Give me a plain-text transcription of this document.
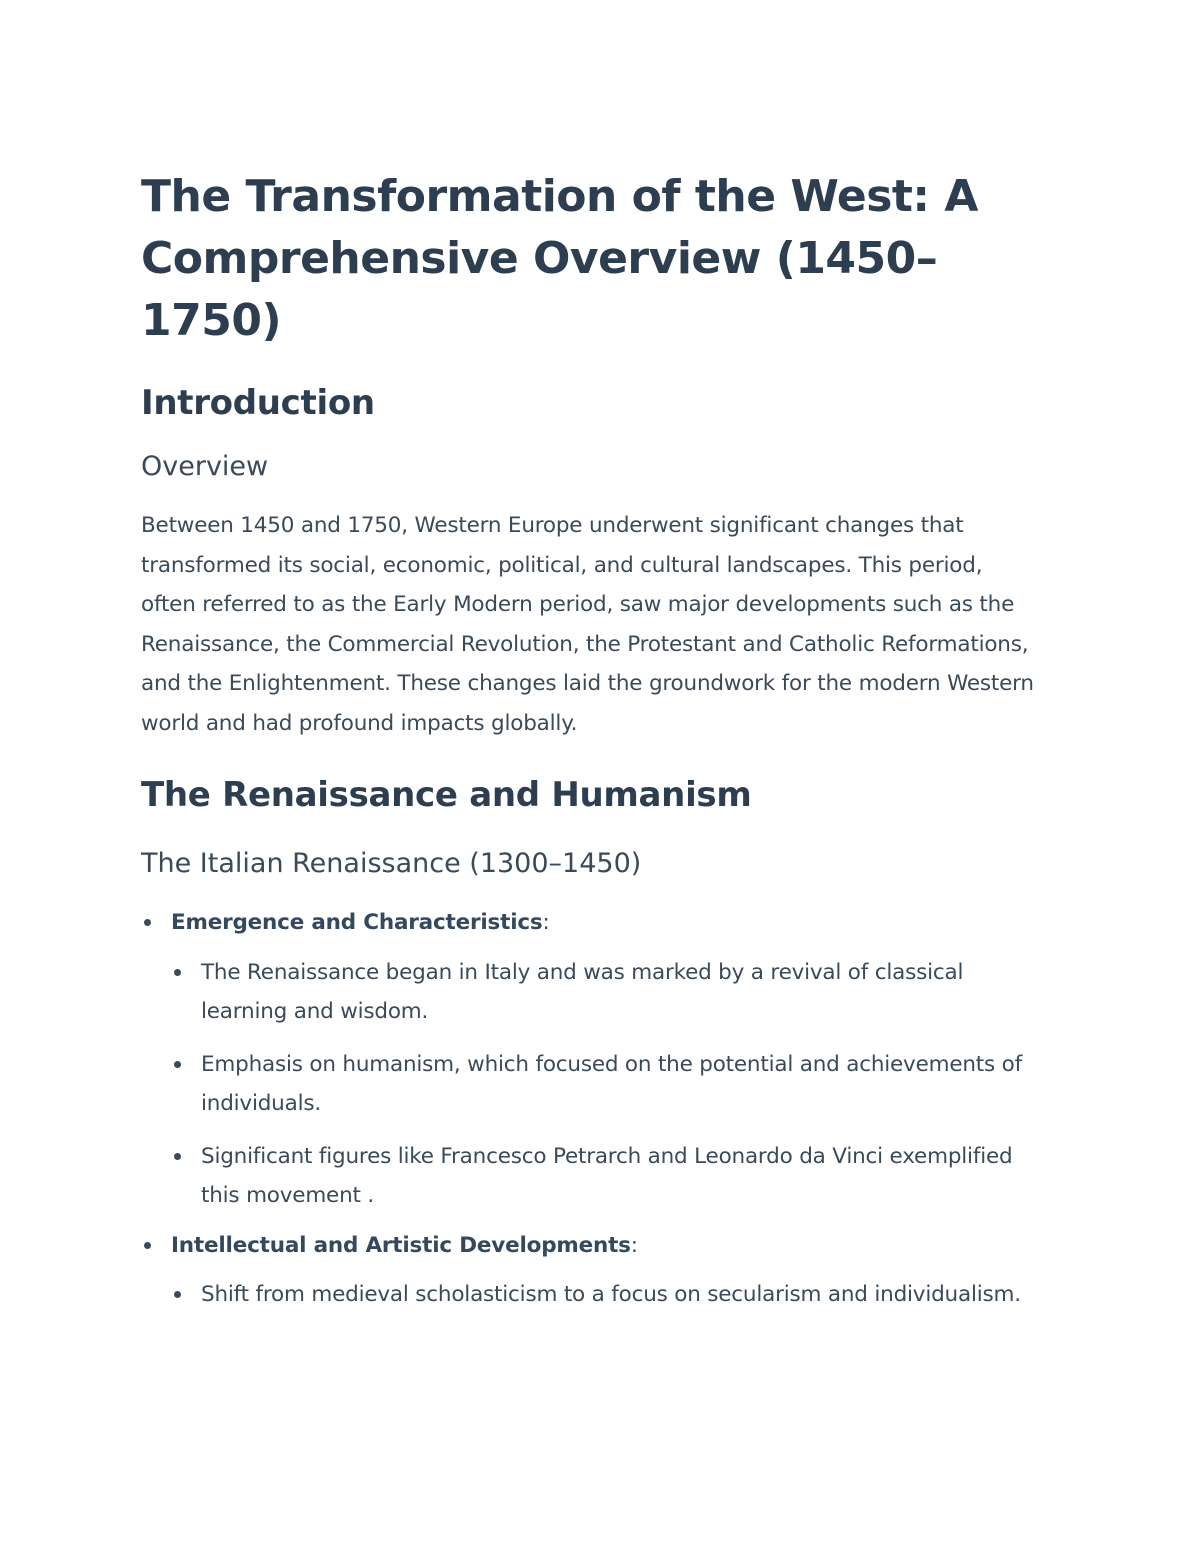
The Transformation of the West: A Comprehensive Overview (1450–1750)
Introduction
Overview

Between 1450 and 1750, Western Europe underwent significant changes that transformed its social, economic, political, and cultural landscapes. This period, often referred to as the Early Modern period, saw major developments such as the Renaissance, the Commercial Revolution, the Protestant and Catholic Reformations, and the Enlightenment. These changes laid the groundwork for the modern Western world and had profound impacts globally.

The Renaissance and Humanism
The Italian Renaissance (1300–1450)
Emergence and Characteristics:
The Renaissance began in Italy and was marked by a revival of classical learning and wisdom.
Emphasis on humanism, which focused on the potential and achievements of individuals.
Significant figures like Francesco Petrarch and Leonardo da Vinci exemplified this movement .
Intellectual and Artistic Developments:
Shift from medieval scholasticism to a focus on secularism and individualism.
